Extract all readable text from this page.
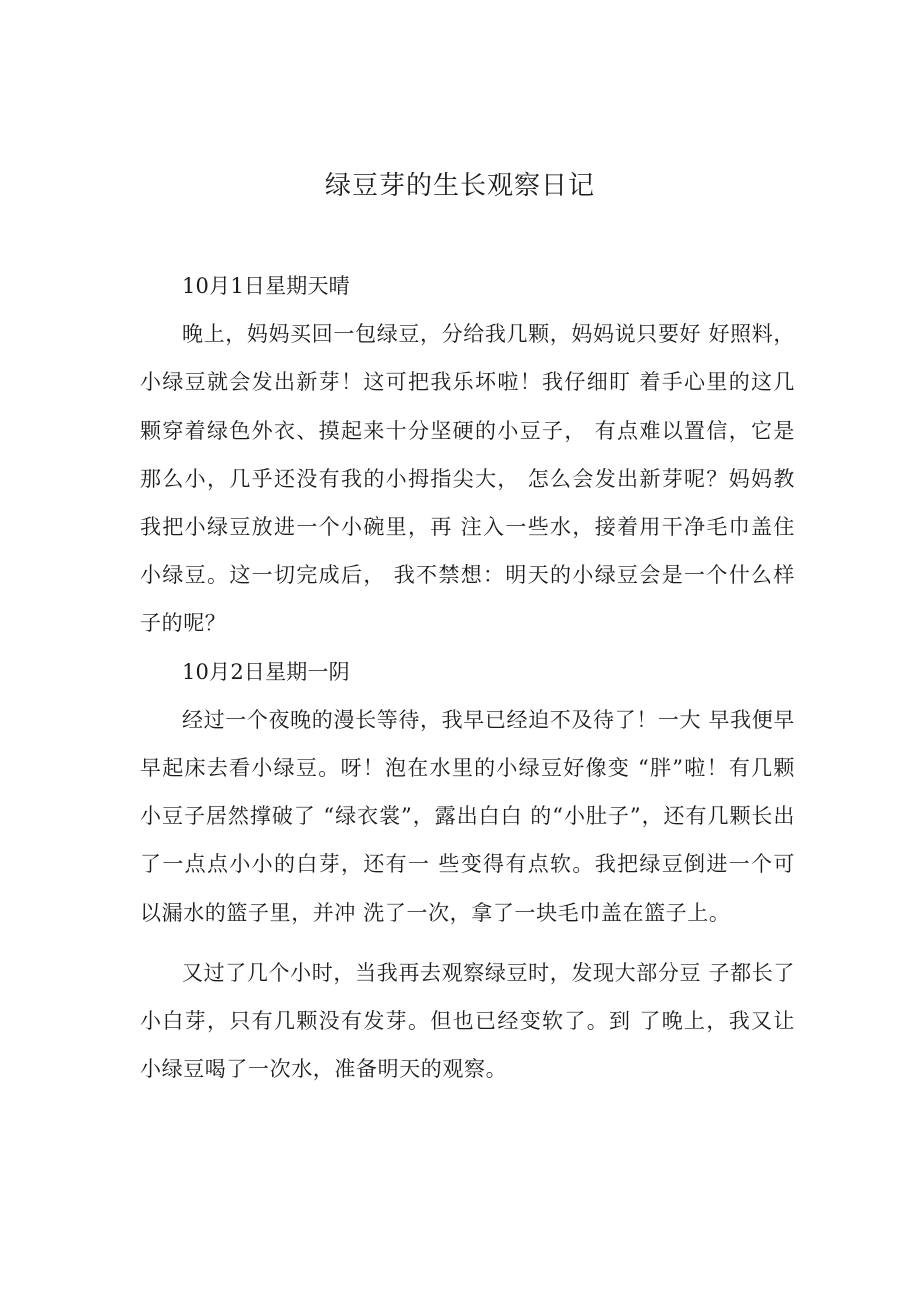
绿豆芽的生长观察日记

10月1日星期天晴

晚上，妈妈买回一包绿豆，分给我几颗，妈妈说只要好 好照料，小绿豆就会发出新芽！这可把我乐坏啦！我仔细盯 着手心里的这几颗穿着绿色外衣、摸起来十分坚硬的小豆子， 有点难以置信，它是那么小，几乎还没有我的小拇指尖大， 怎么会发出新芽呢？妈妈教我把小绿豆放进一个小碗里，再 注入一些水，接着用干净毛巾盖住小绿豆。这一切完成后， 我不禁想：明天的小绿豆会是一个什么样子的呢？

10月2日星期一阴

经过一个夜晚的漫长等待，我早已经迫不及待了！一大 早我便早早起床去看小绿豆。呀！泡在水里的小绿豆好像变 “胖”啦！有几颗小豆子居然撑破了 “绿衣裳”，露出白白 的“小肚子”，还有几颗长出了一点点小小的白芽，还有一 些变得有点软。我把绿豆倒进一个可以漏水的篮子里，并冲 洗了一次，拿了一块毛巾盖在篮子上。

又过了几个小时，当我再去观察绿豆时，发现大部分豆 子都长了小白芽，只有几颗没有发芽。但也已经变软了。到 了晚上，我又让小绿豆喝了一次水，准备明天的观察。
